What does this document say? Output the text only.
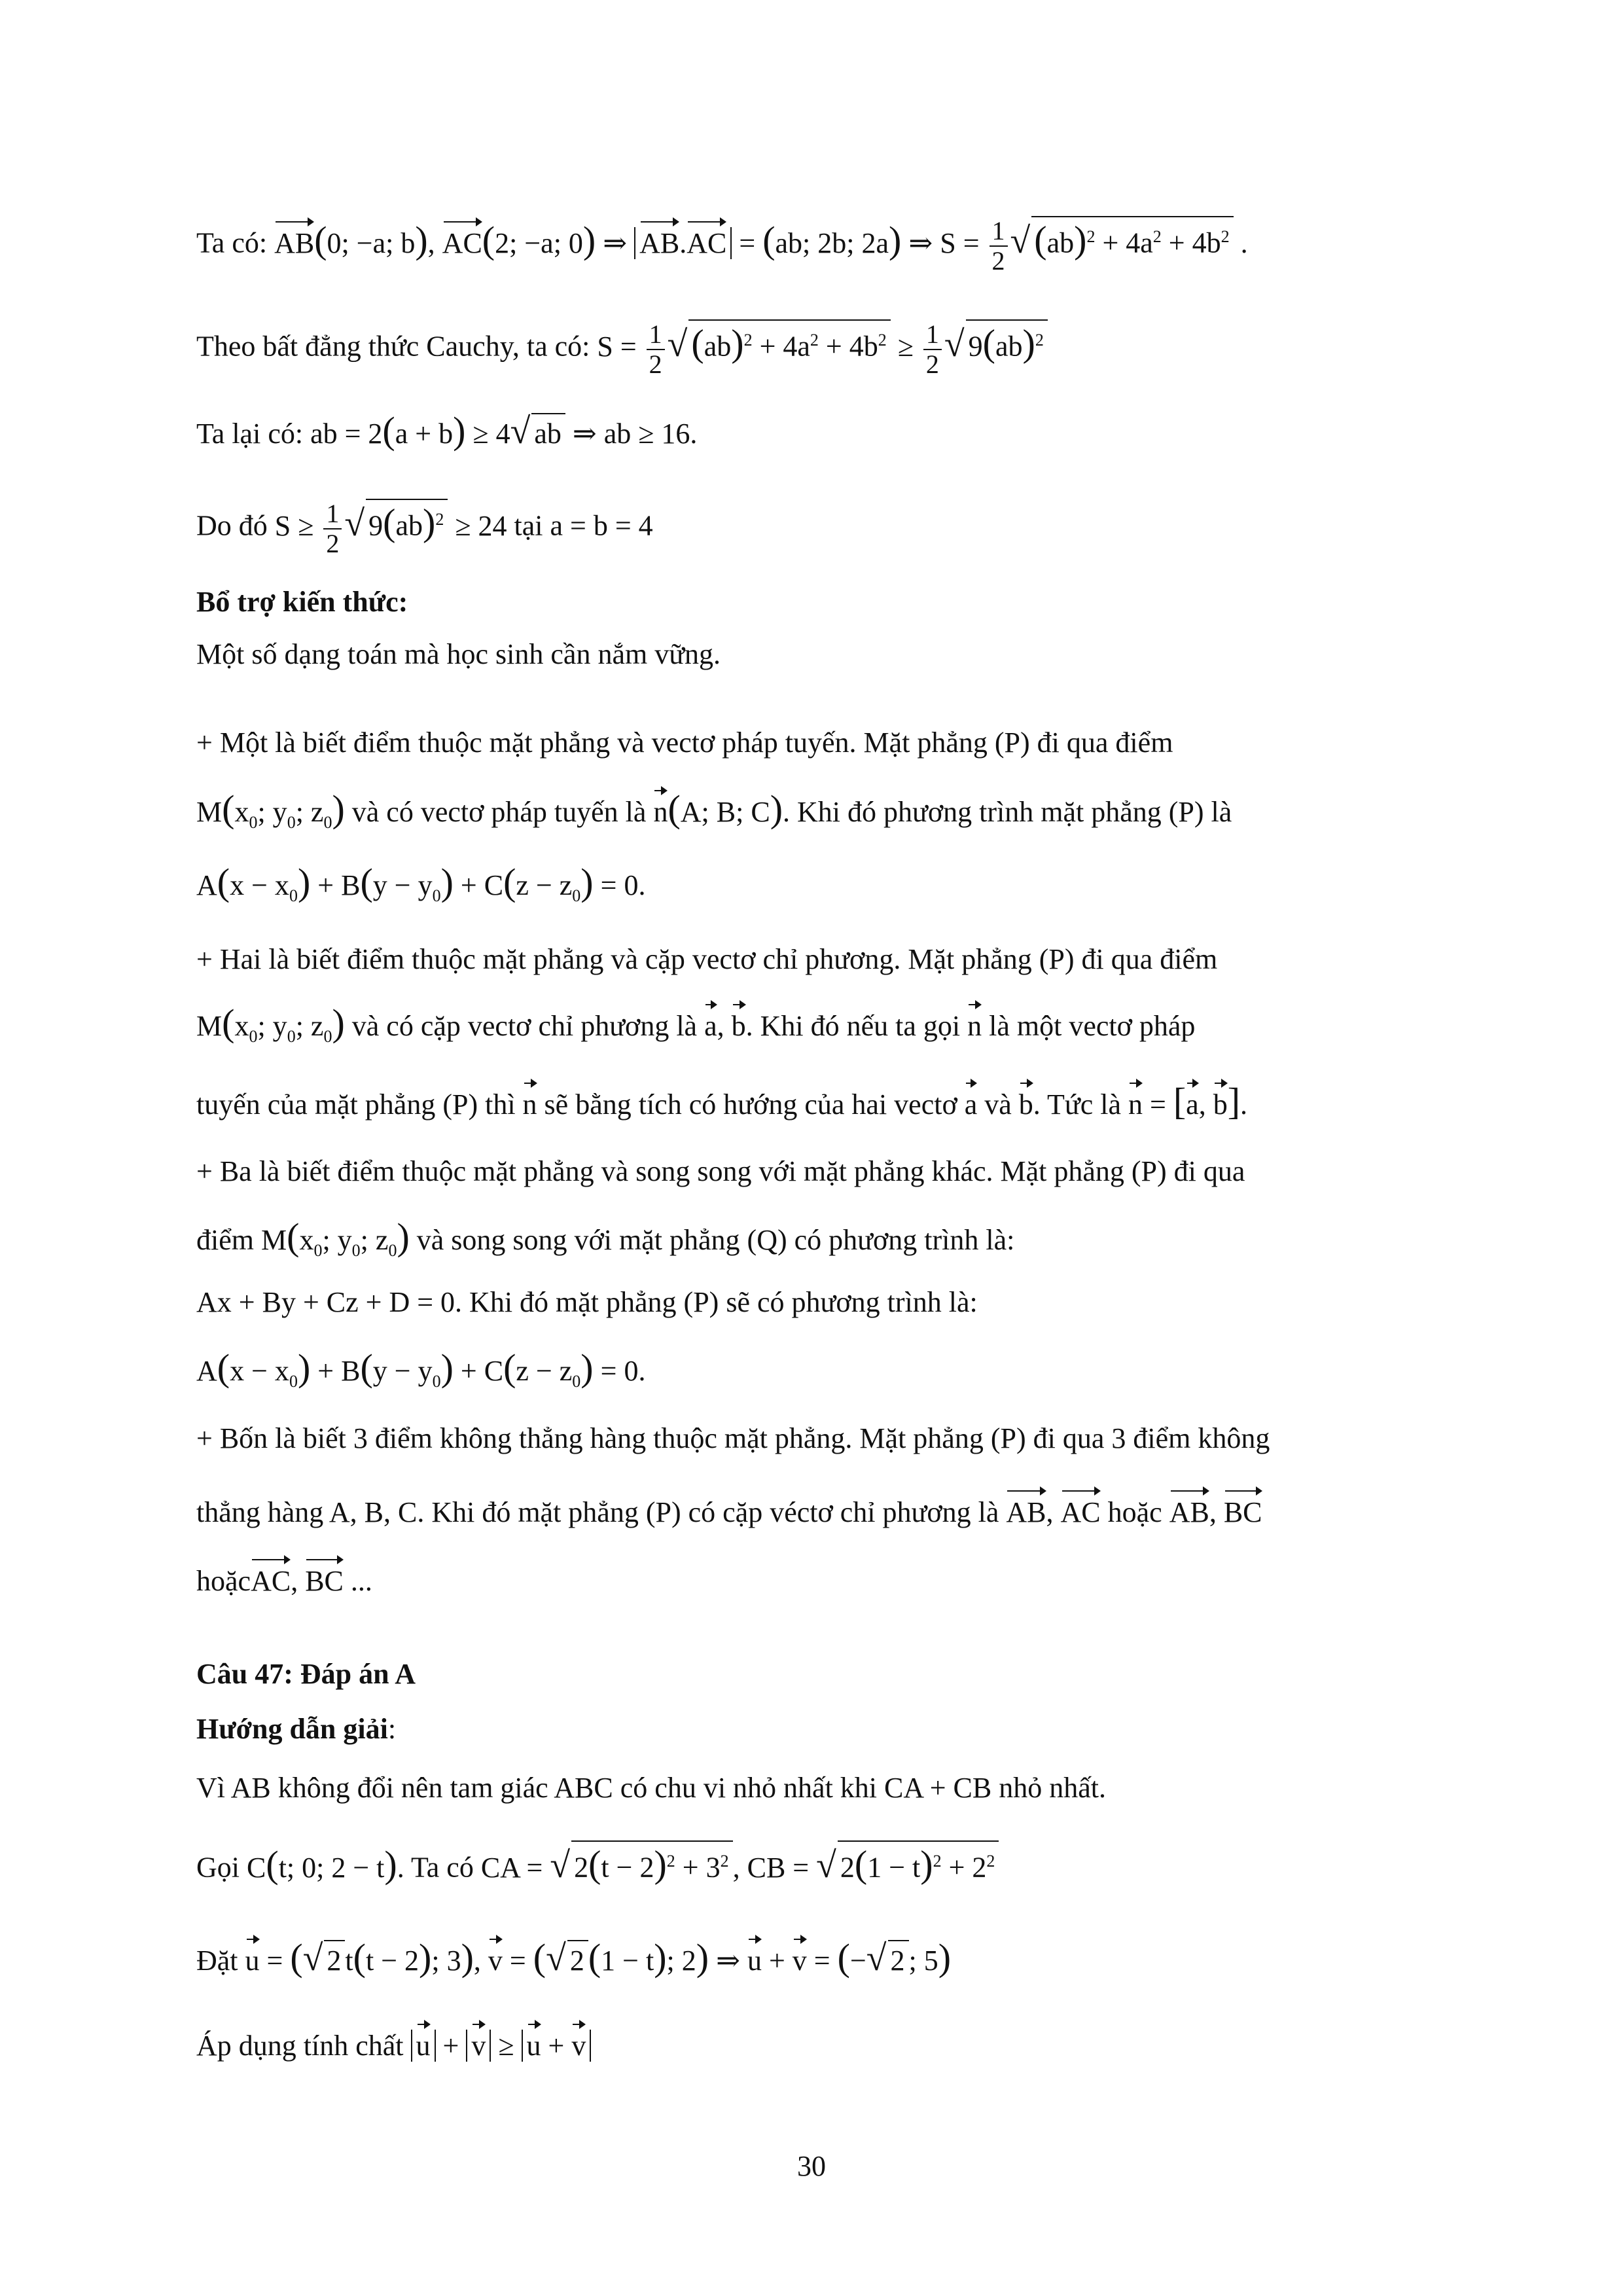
Ta có: AB(0; −a; b), AC(2; −a; 0) ⇒ AB.AC = (ab; 2b; 2a) ⇒ $S = \frac{1}{2}$ √ $(ab)^2 + 4a^2 + 4b^2$ .
Theo bất đẳng thức Cauchy, ta có: $S = \frac{1}{2}$ √ $(ab)^2 + 4a^2 + 4b^2 \ge \frac{1}{2}$ √ 9(ab)$^2$
Ta lại có: ab = 2(a + b) ≥ 4√ ab ⇒ ab ≥ 16.
Do đó $S \ge \frac{1}{2}$ √ 9(ab)$^2$ ≥ 24 tại a = b = 4
Bổ trợ kiến thức:
Một số dạng toán mà học sinh cần nắm vững.
+ Một là biết điểm thuộc mặt phẳng và vectơ pháp tuyến. Mặt phẳng (P) đi qua điểm
$M(x_0$; $y_0$; $z_0$) và có vectơ pháp tuyến là n(A; B; C). Khi đó phương trình mặt phẳng (P) là
$A(x - x_0) + B(y - y_0) + C(z - z_0) = 0$.
+ Hai là biết điểm thuộc mặt phẳng và cặp vectơ chỉ phương. Mặt phẳng (P) đi qua điểm
$M(x_0$; $y_0$; $z_0$) và có cặp vectơ chỉ phương là a, b. Khi đó nếu ta gọi n là một vectơ pháp
tuyến của mặt phẳng (P) thì n sẽ bằng tích có hướng của hai vectơ a và b. Tức là n = [a, b].
+ Ba là biết điểm thuộc mặt phẳng và song song với mặt phẳng khác. Mặt phẳng (P) đi qua
điểm $M(x_0$; $y_0$; $z_0$) và song song với mặt phẳng (Q) có phương trình là:
Ax + By + Cz + D = 0. Khi đó mặt phẳng (P) sẽ có phương trình là:
$A(x - x_0) + B(y - y_0) + C(z - z_0) = 0$.
+ Bốn là biết 3 điểm không thẳng hàng thuộc mặt phẳng. Mặt phẳng (P) đi qua 3 điểm không
thẳng hàng A, B, C. Khi đó mặt phẳng (P) có cặp véctơ chỉ phương là AB, AC hoặc AB, BC
hoặcAC, BC ...
Câu 47: Đáp án A
Hướng dẫn giải:
Vì AB không đổi nên tam giác ABC có chu vi nhỏ nhất khi CA + CB nhỏ nhất.
Gọi C(t; 0; 2 − t). Ta có CA = √ $2(t - 2)^2 + 3^2$ , CB = √ $2(1 - t)^2 + 2^2$
Đặt u = (√ 2 t(t − 2); 3), v = (√ 2 (1 − t); 2) ⇒ u + v = (−√ 2 ; 5)
Áp dụng tính chất u + v ≥ u + v
30
